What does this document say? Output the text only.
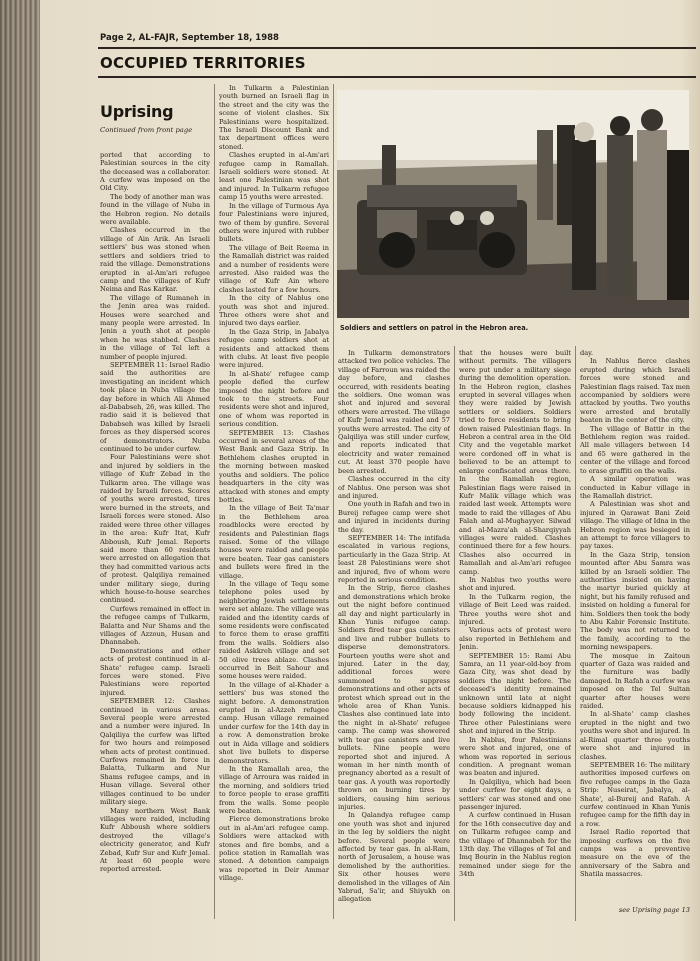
Page 2, AL-FAJR, September 18, 1988
OCCUPIED TERRITORIES
Uprising
Continued from front page

ported that according to Palestinian sources in the city the deceased was a collaborator. A curfew was imposed on the Old City.

The body of another man was found in the village of Nuba in the Hebron region. No details were available.

Clashes occurred in the village of Ain Arik. An Israeli settlers' bus was stoned when settlers and soldiers tried to raid the village. Demonstrations erupted in al-Am'ari refugee camp and the villages of Kufr Neima and Ras Karkar.

The village of Rumaneh in the Jenin area was raided. Houses were searched and many people were arrested. In Jenin a youth shot at people when he was stabbed. Clashes in the village of Tel left a number of people injured.

SEPTEMBER 11: Israel Radio said the authorities are investigating an incident which took place in Nuba village the day before in which Ali Ahmed al-Dababseh, 26, was killed. The radio said it is believed that Dababseh was killed by Israeli forces as they dispersed scores of demonstrators. Nuba continued to be under curfew.

Four Palestinians were shot and injured by soldiers in the village of Kufr Zebad in the Tulkarm area. The village was raided by Israeli forces. Scores of youths were arrested, tires were burned in the streets, and Israeli forces were stoned. Also raided were three other villages in the area: Kufr Itat, Kufr Abboush, Kufr Jemal. Reports said more than 60 residents were arrested on allegation that they had committed various acts of protest. Qalqiliya remained under military siege, during which house-to-house searches continued.

Curfews remained in effect in the refugee camps of Tulkarm, Balatta and Nur Shams and the villages of Azzoun, Husan and Dhannabeh.

Demonstrations and other acts of protest continued in al-Shate' refugee camp. Israeli forces were stoned. Five Palestinians were reported injured.

SEPTEMBER 12: Clashes continued in various areas. Several people were arrested and a number were injured. In Qalqiliya the curfew was lifted for two hours and reimposed when acts of protest continued. Curfews remained in force in Balatta, Tulkarm and Nur Shams refugee camps, and in Husan village. Several other villages continued to be under military siege.

Many northern West Bank villages were raided, including Kufr Abboush where soldiers destroyed the village's electricity generator, and Kufr Zebad, Kufr Sur and Kufr Jemal. At least 60 people were reported arrested.

In Tulkarm a Palestinian youth burned an Israeli flag in the street and the city was the scene of violent clashes. Six Palestinians were hospitalized. The Israeli Discount Bank and tax department offices were stoned.

Clashes erupted in al-Am'ari refugee camp in Ramallah. Israeli soldiers were stoned. At least one Palestinian was shot and injured. In Tulkarm refugee camp 15 youths were arrested.

In the village of Turmous Aya four Palestinians were injured, two of them by gunfire. Several others were injured with rubber bullets.

The village of Beit Reema in the Ramallah district was raided and a number of residents were arrested. Also raided was the village of Kufr Ain where clashes lasted for a few hours.

In the city of Nablus one youth was shot and injured. Three others were shot and injured two days earlier.

In the Gaza Strip, in Jabalya refugee camp soldiers shot at residents and attacked them with clubs. At least five people were injured.

In al-Shate' refugee camp people defied the curfew imposed the night before and took to the streets. Four residents were shot and injured, one of whom was reported in serious condition.

SEPTEMBER 13: Clashes occurred in several areas of the West Bank and Gaza Strip. In Bethlehem clashes erupted in the morning between masked youths and soldiers. The police headquarters in the city was attacked with stones and empty bottles.

In the village of Beit Ta'mar in the Bethlehem area roadblocks were erected by residents and Palestinian flags raised. Some of the village houses were raided and people were beaten. Tear gas canisters and bullets were fired in the village.

In the village of Tequ some telephone poles used by neighboring Jewish settlements were set ablaze. The village was raided and the identity cards of some residents were confiscated to force them to erase graffiti from the walls. Soldiers also raided Askkreh village and set 50 olive trees ablaze. Clashes occurred in Beit Sahour and some houses were raided.

In the village of al-Khader a settlers' bus was stoned the night before. A demonstration erupted in al-Azzeh refugee camp. Husan village remained under curfew for the 14th day in a row. A demonstration broke out in Aida village and soldiers shot live bullets to disperse demonstrators.

In the Ramallah area, the village of Arroura was raided in the morning, and soldiers tried to force people to erase graffiti from the walls. Some people were beaten.

Fierce demonstrations broke out in al-Am'ari refugee camp. Soldiers were attacked with stones and fire bombs, and a police station in Ramallah was stoned. A detention campaign was reported in Deir Ammar village.

Soldiers and settlers on patrol in the Hebron area.

In Tulkarm demonstrators attacked two police vehicles. The village of Farroun was raided the day before, and clashes occurred, with residents beating the soldiers. One woman was shot and injured and several others were arrested. The village of Kufr Jemal was raided and 57 youths were arrested. The city of Qalqiliya was still under curfew, and reports indicated that electricity and water remained cut. At least 370 people have been arrested.

Clashes occurred in the city of Nablus. One person was shot and injured.

One youth in Rafah and two in Bureij refugee camp were shot and injured in incidents during the day.

SEPTEMBER 14: The intifada escalated in various regions, particularly in the Gaza Strip. At least 28 Palestinians were shot and injured, five of whom were reported in serious condition.

In the Strip, fierce clashes and demonstrations which broke out the night before continued all day and night particularly in Khan Yunis refugee camp. Soldiers fired tear gas canisters and live and rubber bullets to disperse demonstrators. Fourteen youths were shot and injured. Later in the day, additional forces were summoned to suppress demonstrations and other acts of protest which spread out in the whole area of Khan Yunis. Clashes also continued late into the night in al-Shate' refugee camp. The camp was showered with tear gas canisters and live bullets. Nine people were reported shot and injured. A woman in her ninth month of pregnancy aborted as a result of tear gas. A youth was reportedly thrown on burning tires by soldiers, causing him serious injuries.

In Qalandya refugee camp one youth was shot and injured in the leg by soldiers the night before. Several people were affected by tear gas. In al-Ram, north of Jerusalem, a house was demolished by the authorities. Six other houses were demolished in the villages of Ain Yabrud, Sa'ir, and Shiyukh on allegation

that the houses were built without permits. The villagers were put under a military siege during the demolition operation. In the Hebron region, clashes erupted in several villages when they were raided by Jewish settlers or soldiers. Soldiers tried to force residents to bring down raised Palestinian flags. In Hebron a central area in the Old City and the vegetable market were cordoned off in what is believed to be an attempt to enlarge confiscated areas there. In the Ramallah region, Palestinian flags were raised in Kufr Malik village which was raided last week. Attempts were made to raid the villages of Abu Falah and al-Mughayyer. Silwad and al-Mazra'ah al-Sharqiyyah villages were raided. Clashes continued there for a few hours. Clashes also occurred in Ramallah and al-Am'ari refugee camp.

In Nablus two youths were shot and injured.

In the Tulkarm region, the village of Beit Leed was raided. Three youths were shot and injured.

Various acts of protest were also reported in Bethlehem and Jenin.

SEPTEMBER 15: Rami Abu Samra, an 11 year-old-boy from Gaza City, was shot dead by soldiers the night before. The deceased's identity remained unknown until late at night because soldiers kidnapped his body following the incident. Three other Palestinians were shot and injured in the Strip.

In Nablus, four Palestinians were shot and injured, one of whom was reported in serious condition. A pregnant woman was beaten and injured.

In Qalqiliya, which had been under curfew for eight days, a settlers' car was stoned and one passenger injured.

A curfew continued in Husan for the 16th consecutive day and on Tulkarm refugee camp and the village of Dhannabeh for the 13th day. The villages of Tel and Imq Bourin in the Nablus region remained under siege for the 34th

day.

In Nablus fierce clashes erupted during which Israeli forces were stoned and Palestinian flags raised. Tax men accompanied by soldiers were attacked by youths. Two youths were arrested and brutally beaten in the center of the city.

The village of Battir in the Bethlehem region was raided. All male villagers between 14 and 65 were gathered in the center of the village and forced to erase graffiti on the walls.

A similar operation was conducted in Kabur village in the Ramallah district.

A Palestinian was shot and injured in Qarawat Bani Zeid village. The village of Idna in the Hebron region was besieged in an attempt to force villagers to pay taxes.

In the Gaza Strip, tension mounted after Abu Samra was killed by an Israeli soldier. The authorities insisted on having the martyr buried quickly at night, but his family refused and insisted on holding a funeral for him. Soldiers then took the body to Abu Kabir Forensic Institute. The body was not returned to the family, according to the morning newspapers.

The mosque in Zaitoun quarter of Gaza was raided and the furniture was badly damaged. In Rafah a curfew was imposed on the Tel Sultan quarter after houses were raided.

In al-Shate' camp clashes erupted in the night and two youths were shot and injured. In al-Rimal quarter three youths were shot and injured in clashes.

SEPTEMBER 16: The military authorities imposed curfews on five refugee camps in the Gaza Strip: Nuseirat, Jabalya, al-Shate', al-Bureij and Rafah. A curfew continued in Khan Yunis refugee camp for the fifth day in a row.

Israel Radio reported that imposing curfews on the five camps was a preventive measure on the eve of the anniversary of the Sabra and Shatila massacres.

see Uprising page 13
